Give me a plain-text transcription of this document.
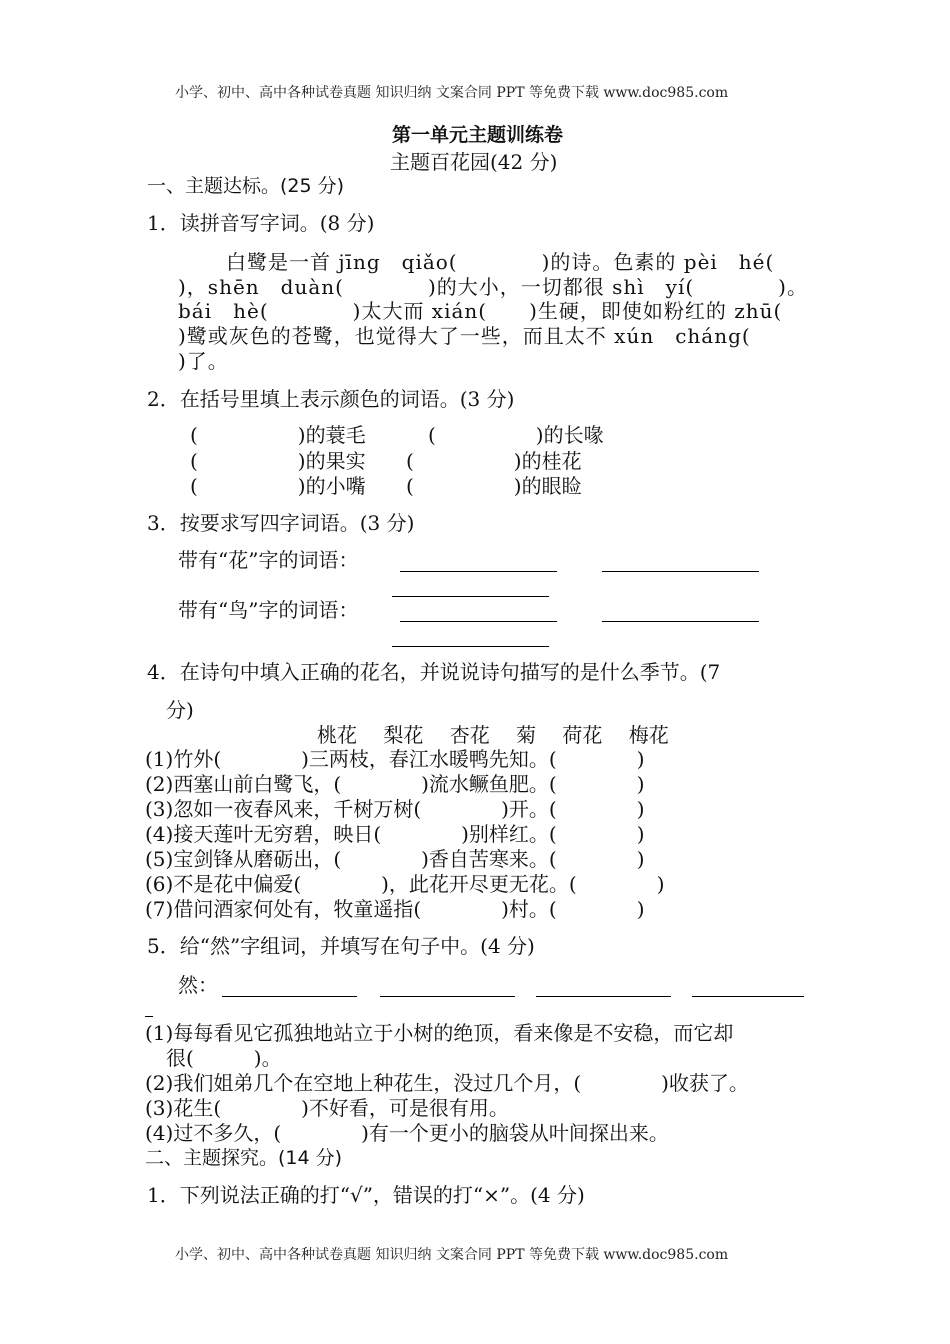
小学、初中、高中各种试卷真题 知识归纳 文案合同 PPT 等免费下载 www.doc985.com
第一单元主题训练卷
主题百花园(42 分)
一、主题达标。(25 分)
1．读拼音写字词。(8 分)
白鹭是一首 jīng　qiǎo(　　　　)的诗。色素的 pèi　hé(
)，shēn　duàn(　　　　)的大小，一切都很 shì　yí(　　　　)。
bái　hè(　　　　)太大而 xián(　　)生硬，即使如粉红的 zhū(
)鹭或灰色的苍鹭，也觉得大了一些，而且太不 xún　cháng(
)了。
2．在括号里填上表示颜色的词语。(3 分)
(　　　　　)的蓑毛	(　　　　　)的长喙
(　　　　　)的果实 (　　　　　)的桂花
(　　　　　)的小嘴 (　　　　　)的眼睑
3．按要求写四字词语。(3 分)
带有“花”字的词语：
带有“鸟”字的词语：
4．在诗句中填入正确的花名，并说说诗句描写的是什么季节。(7
分)
桃花　 梨花　 杏花　 菊　 荷花　 梅花
(1)竹外(　　　　)三两枝，春江水暖鸭先知。(　　　　)
(2)西塞山前白鹭飞，(　　　　)流水鳜鱼肥。(　　　　)
(3)忽如一夜春风来，千树万树(　　　　)开。(　　　　)
(4)接天莲叶无穷碧，映日(　　　　)别样红。(　　　　)
(5)宝剑锋从磨砺出，(　　　　)香自苦寒来。(　　　　)
(6)不是花中偏爱(　　　　)，此花开尽更无花。(　　　　)
(7)借问酒家何处有，牧童遥指(　　　　)村。(　　　　)
5．给“然”字组词，并填写在句子中。(4 分)
然：
(1)每每看见它孤独地站立于小树的绝顶，看来像是不安稳，而它却
很(　　　)。
(2)我们姐弟几个在空地上种花生，没过几个月，(　　　　)收获了。
(3)花生(　　　　)不好看，可是很有用。
(4)过不多久，(　　　　)有一个更小的脑袋从叶间探出来。
二、主题探究。(14 分)
1．下列说法正确的打“√”，错误的打“×”。(4 分)
小学、初中、高中各种试卷真题 知识归纳 文案合同 PPT 等免费下载 www.doc985.com
